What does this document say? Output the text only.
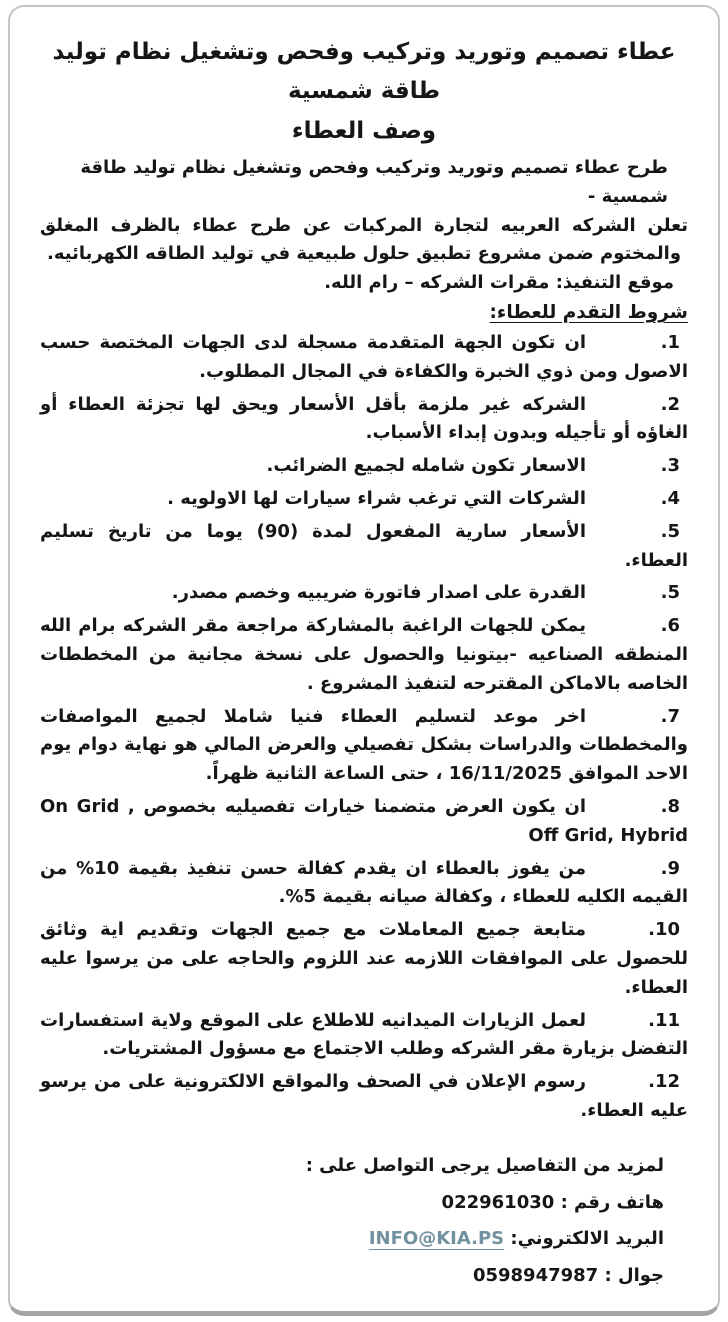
عطاء تصميم وتوريد وتركيب وفحص وتشغيل نظام توليد طاقة شمسية
وصف العطاء

طرح عطاء تصميم وتوريد وتركيب وفحص وتشغيل نظام توليد طاقة شمسية -

تعلن الشركه العربيه لتجارة المركبات عن طرح عطاء بالظرف المغلق والمختوم ضمن مشروع تطبيق حلول طبيعية في توليد الطاقه الكهربائيه.

موقع التنفيذ: مقرات الشركه – رام الله.

شروط التقدم للعطاء:
1.
ان تكون الجهة المتقدمة مسجلة لدى الجهات المختصة حسب الاصول ومن ذوي الخبرة والكفاءة في المجال المطلوب.
2.
الشركه غير ملزمة بأقل الأسعار ويحق لها تجزئة العطاء أو الغاؤه أو تأجيله وبدون إبداء الأسباب.
3.
الاسعار تكون شامله لجميع الضرائب.
4.
الشركات التي ترغب شراء سيارات لها الاولويه .
5.
الأسعار سارية المفعول لمدة (90) يوما من تاريخ تسليم العطاء.
5.
القدرة على اصدار فاتورة ضريبيه وخصم مصدر.
6.
يمكن للجهات الراغبة بالمشاركة مراجعة مقر الشركه برام الله المنطقه الصناعيه -بيتونيا والحصول على نسخة مجانية من المخططات الخاصه بالاماكن المقترحه لتنفيذ المشروع .
7.
اخر موعد لتسليم العطاء فنيا شاملا لجميع المواصفات والمخططات والدراسات بشكل تفصيلي والعرض المالي هو نهاية دوام يوم الاحد الموافق 16/11/2025 ، حتى الساعة الثانية ظهراً.
8.
ان يكون العرض متضمنا خيارات تفصيليه بخصوص On Grid , Off Grid, Hybrid
9.
من يفوز بالعطاء ان يقدم كفالة حسن تنفيذ بقيمة 10% من القيمه الكليه للعطاء ، وكفالة صيانه بقيمة 5%.
10.
متابعة جميع المعاملات مع جميع الجهات وتقديم اية وثائق للحصول على الموافقات اللازمه عند اللزوم والحاجه على من يرسوا عليه العطاء.
11.
لعمل الزيارات الميدانيه للاطلاع على الموقع ولاية استفسارات التفضل بزيارة مقر الشركه وطلب الاجتماع مع مسؤول المشتريات.
12.
رسوم الإعلان في الصحف والمواقع الالكترونية على من يرسو عليه العطاء.
لمزيد من التفاصيل يرجى التواصل على :
هاتف رقم : 022961030
البريد الالكتروني: INFO@KIA.PS
جوال : 0598947987
